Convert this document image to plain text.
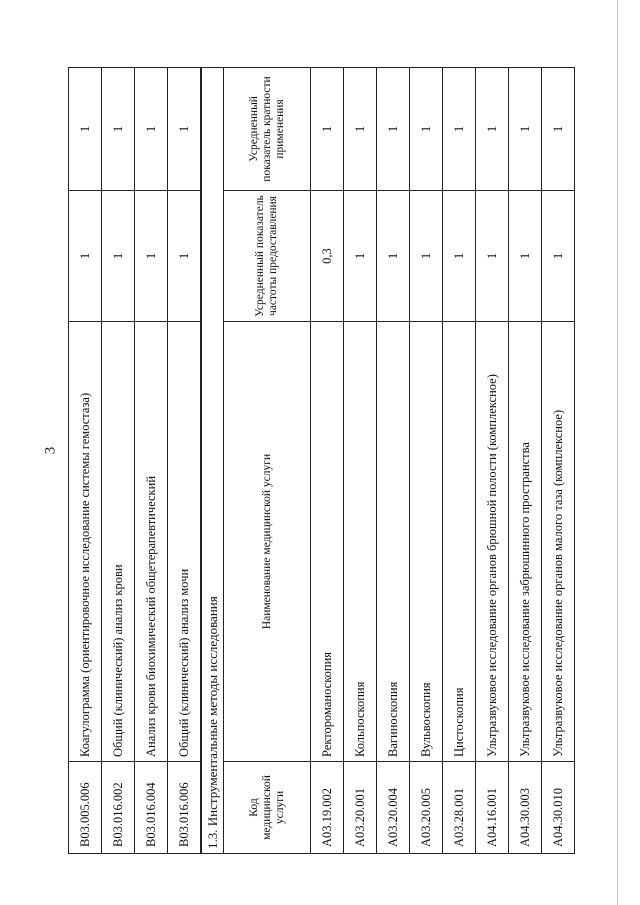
3
B03.005.006	Коагулограмма (ориентировочное исследование системы гемостаза)	1	1
B03.016.002	Общий (клинический) анализ крови	1	1
B03.016.004	Анализ крови биохимический общетерапевтический	1	1
B03.016.006	Общий (клинический) анализ мочи	1	1
1.3. Инструментальные методы исследования			
Код медицинской услуги	Наименование медицинской услуги	Усредненный показатель частоты предоставления	Усредненный показатель кратности применения
A03.19.002	Ректороманоскопия	0,3	1
A03.20.001	Кольпоскопия	1	1
A03.20.004	Вагиноскопия	1	1
A03.20.005	Вульвоскопия	1	1
A03.28.001	Цистоскопия	1	1
A04.16.001	Ультразвуковое исследование органов брюшной полости (комплексное)	1	1
A04.30.003	Ультразвуковое исследование забрюшинного пространства	1	1
A04.30.010	Ультразвуковое исследование органов малого таза (комплексное)	1	1
